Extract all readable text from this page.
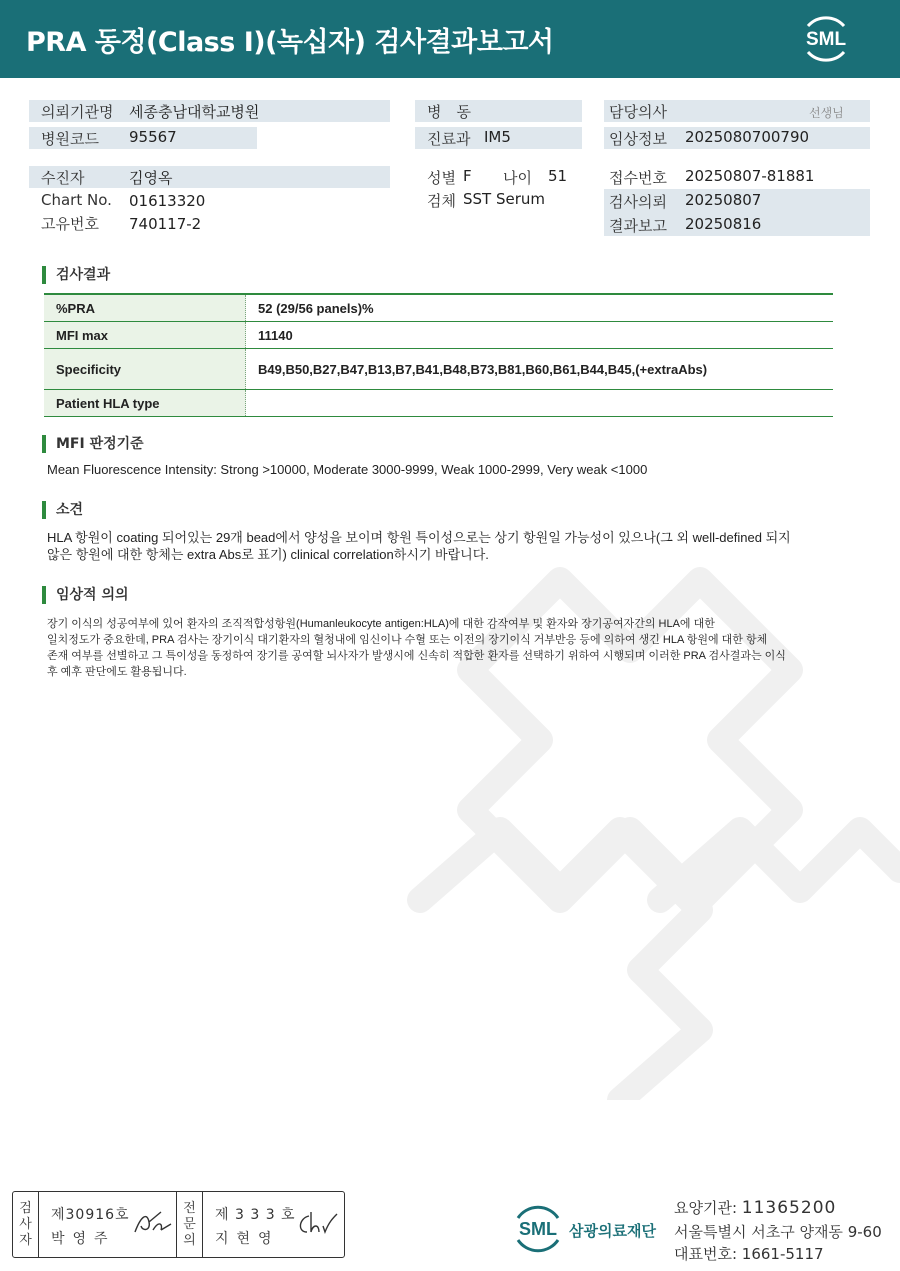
PRA 동정(Class I)(녹십자) 검사결과보고서	SML
의뢰기관명 세종충남대학교병원
병원코드 95567
수진자	김영옥
Chart No. 01613320
고유번호 740117-2
병　동
진료과 IM5
성별 F 나이 51
검체 SST Serum
담당의사	선생님
임상정보 2025080700790
접수번호 20250807-81881
검사의뢰 20250807
결과보고 20250816
검사결과
%PRA	52 (29/56 panels)%
MFI max	11140
Specificity	B49,B50,B27,B47,B13,B7,B41,B48,B73,B81,B60,B61,B44,B45,(+extraAbs)
Patient HLA type
MFI 판정기준
Mean Fluorescence Intensity: Strong >10000, Moderate 3000-9999, Weak 1000-2999, Very weak <1000
소견
HLA 항원이 coating 되어있는 29개 bead에서 양성을 보이며 항원 특이성으로는 상기 항원일 가능성이 있으나(그 외 well-defined 되지
않은 항원에 대한 항체는 extra Abs로 표기) clinical correlation하시기 바랍니다.
임상적 의의
장기 이식의 성공여부에 있어 환자의 조직적합성항원(Humanleukocyte antigen:HLA)에 대한 감작여부 및 환자와 장기공여자간의 HLA에 대한
일치정도가 중요한데, PRA 검사는 장기이식 대기환자의 혈청내에 임신이나 수혈 또는 이전의 장기이식 거부반응 등에 의하여 생긴 HLA 항원에 대한 항체
존재 여부를 선별하고 그 특이성을 동정하여 장기를 공여할 뇌사자가 발생시에 신속히 적합한 환자를 선택하기 위하여 시행되며 이러한 PRA 검사결과는 이식
후 예후 판단에도 활용됩니다.
검
사
자
제30916호
박영주
전
문
의
제 3 3 3 호
지현영	SML 삼광의료재단
요양기관: 11365200
서울특별시 서초구 양재동 9-60
대표번호: 1661-5117
